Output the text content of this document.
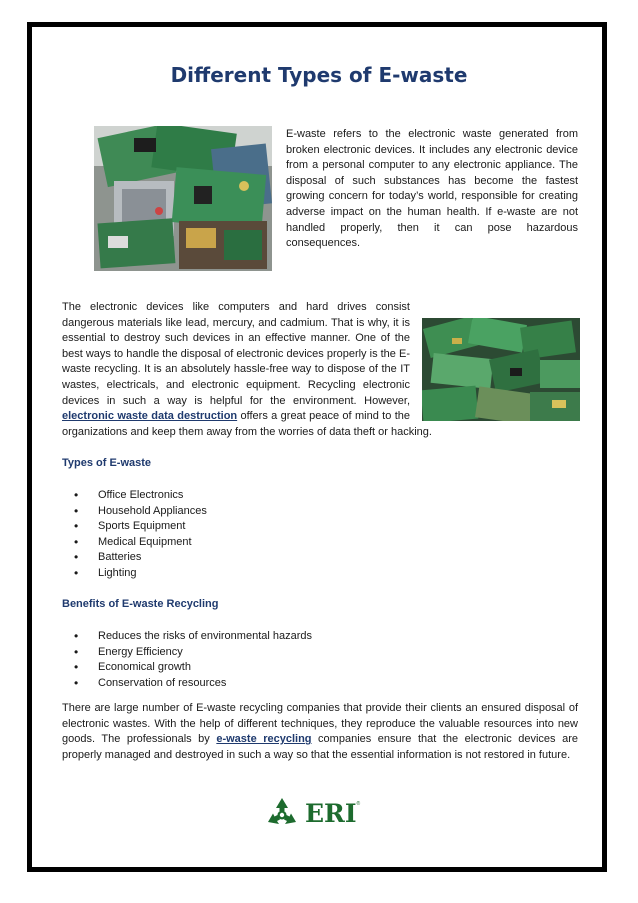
Different Types of E-waste

E-waste refers to the electronic waste generated from broken electronic devices. It includes any electronic device from a personal computer to any electronic appliance. The disposal of such substances has become the fastest growing concern for today’s world, responsible for creating adverse impact on the human health. If e-waste are not handled properly, then it can pose hazardous consequences.

The electronic devices like computers and hard drives consist dangerous materials like lead, mercury, and cadmium. That is why, it is essential to destroy such devices in an effective manner. One of the best ways to handle the disposal of electronic devices properly is the E-waste recycling. It is an absolutely hassle-free way to dispose of the IT wastes, electricals, and electronic equipment. Recycling electronic devices in such a way is helpful for the environment. However, electronic waste data destruction offers a great peace of mind to the organizations and keep them away from the worries of data theft or hacking.

Types of E-waste
• Office Electronics
• Household Appliances
• Sports Equipment
• Medical Equipment
• Batteries
• Lighting
Benefits of E-waste Recycling
• Reduces the risks of environmental hazards
• Energy Efficiency
• Economical growth
• Conservation of resources

There are large number of E-waste recycling companies that provide their clients an ensured disposal of electronic wastes. With the help of different techniques, they reproduce the valuable resources into new goods. The professionals by e-waste recycling companies ensure that the electronic devices are properly managed and destroyed in such a way so that the essential information is not restored in future.

ERI ®
